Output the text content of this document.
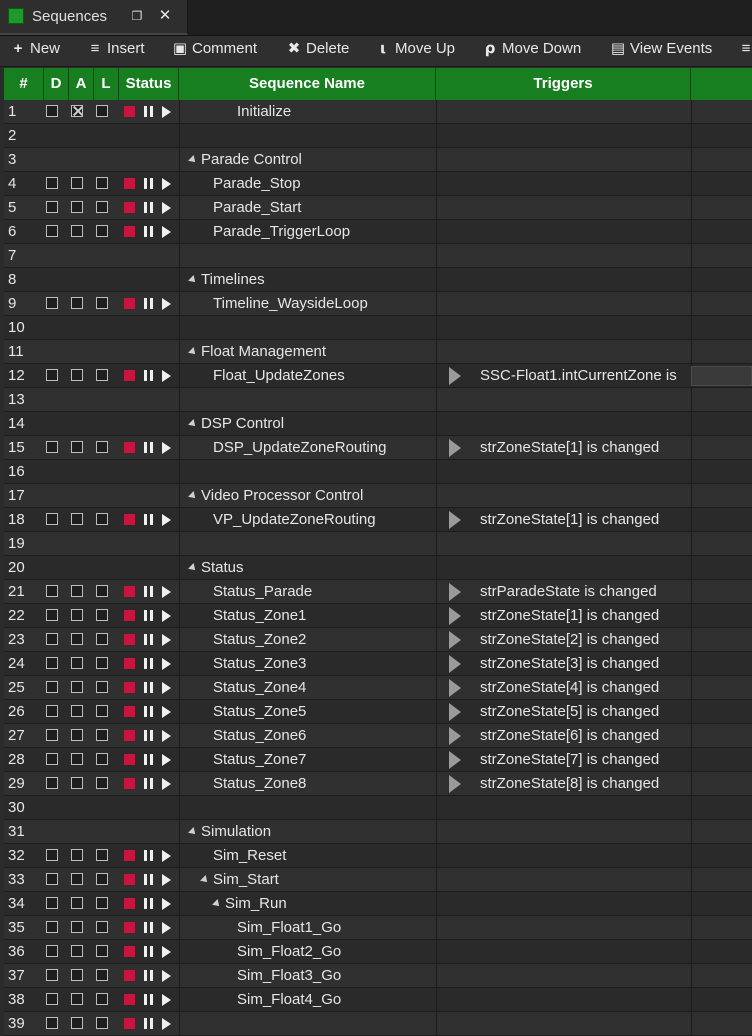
Sequences ❐ ✕
+ New ≡ Insert ▣ Comment ✖ Delete	⍳ Move Up ⍴ Move Down ▤ View Events ≡
#	D A L	Status	Sequence Name	Triggers
1	Initialize
2
3	Parade Control
4	Parade_Stop
5	Parade_Start
6	Parade_TriggerLoop
7
8	Timelines
9	Timeline_WaysideLoop
10
11	Float Management
12	Float_UpdateZones	SSC-Float1.intCurrentZone is
13
14	DSP Control
15	DSP_UpdateZoneRouting	strZoneState[1] is changed
16
17	Video Processor Control
18	VP_UpdateZoneRouting	strZoneState[1] is changed
19
20	Status
21	Status_Parade	strParadeState is changed
22	Status_Zone1	strZoneState[1] is changed
23	Status_Zone2	strZoneState[2] is changed
24	Status_Zone3	strZoneState[3] is changed
25	Status_Zone4	strZoneState[4] is changed
26	Status_Zone5	strZoneState[5] is changed
27	Status_Zone6	strZoneState[6] is changed
28	Status_Zone7	strZoneState[7] is changed
29	Status_Zone8	strZoneState[8] is changed
30
31	Simulation
32	Sim_Reset
33	Sim_Start
34	Sim_Run
35	Sim_Float1_Go
36	Sim_Float2_Go
37	Sim_Float3_Go
38	Sim_Float4_Go
39
